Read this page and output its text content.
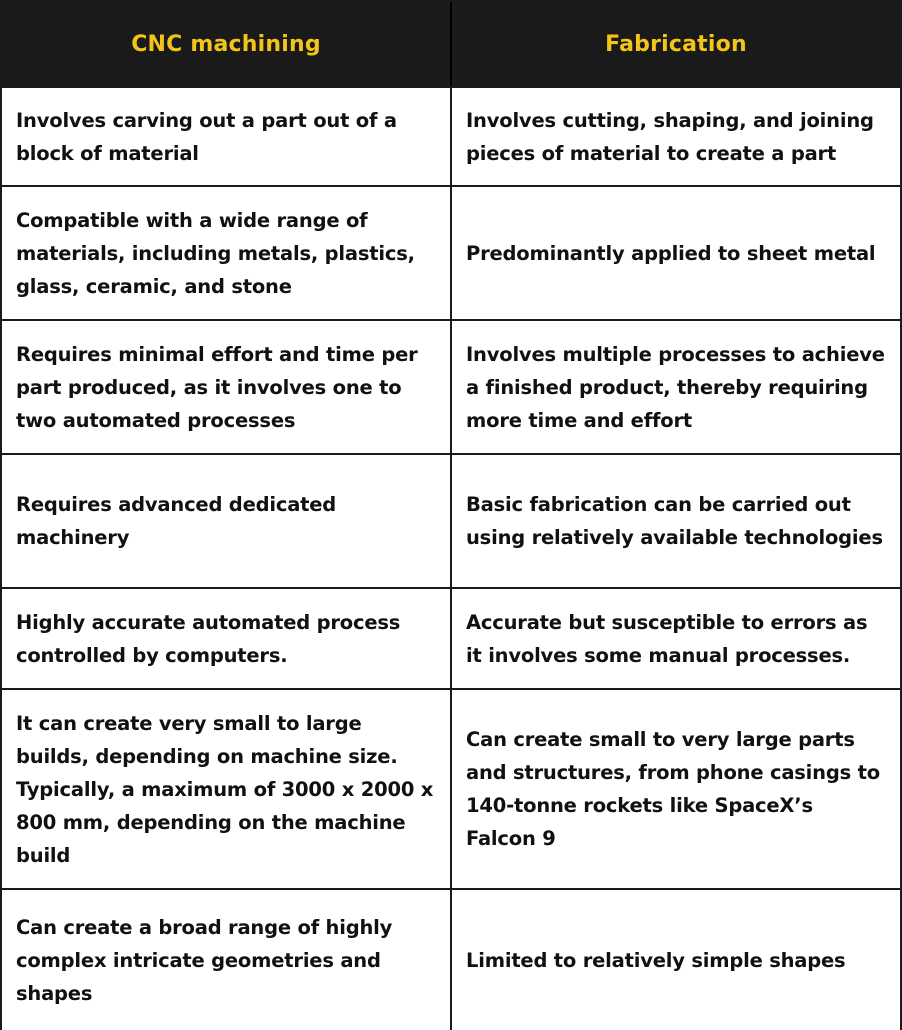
CNC machining	Fabrication
Involves carving out a part out of a block of material
Involves cutting, shaping, and joining pieces of material to create a part
Compatible with a wide range of materials, including metals, plastics, glass, ceramic, and stone
Predominantly applied to sheet metal
Requires minimal effort and time per part produced, as it involves one to two automated processes
Involves multiple processes to achieve a finished product, thereby requiring more time and effort
Requires advanced dedicated machinery
Basic fabrication can be carried out using relatively available technologies
Highly accurate automated process controlled by computers.
Accurate but susceptible to errors as it involves some manual processes.
It can create very small to large builds, depending on machine size. Typically, a maximum of 3000 x 2000 x 800 mm, depending on the machine build
Can create small to very large parts and structures, from phone casings to 140-tonne rockets like SpaceX’s Falcon 9
Can create a broad range of highly complex intricate geometries and shapes
Limited to relatively simple shapes
